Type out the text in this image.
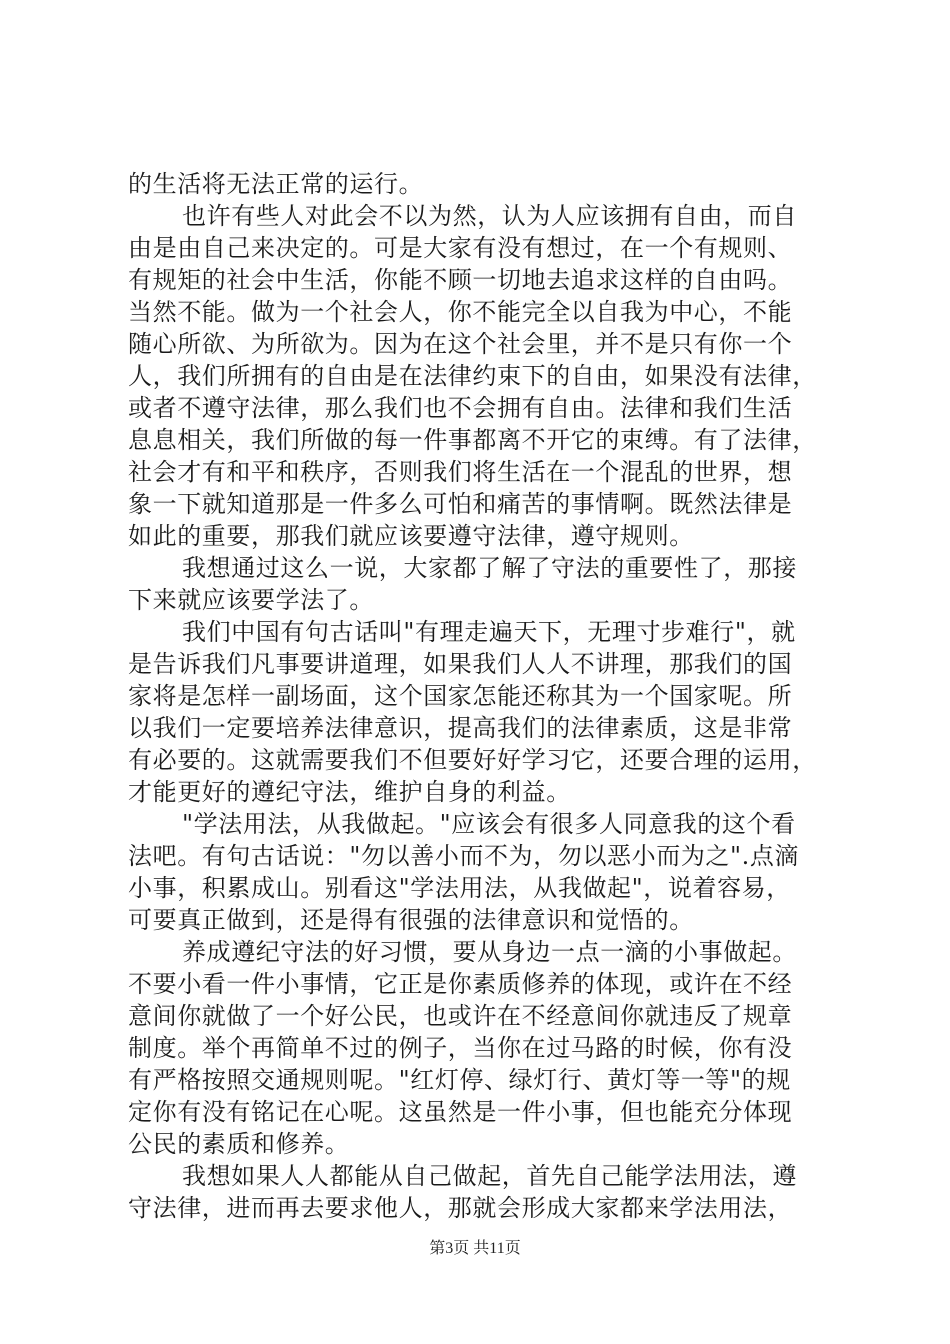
的生活将无法正常的运行。
也许有些人对此会不以为然，认为人应该拥有自由，而自
由是由自己来决定的。可是大家有没有想过，在一个有规则、
有规矩的社会中生活，你能不顾一切地去追求这样的自由吗。
当然不能。做为一个社会人，你不能完全以自我为中心，不能
随心所欲、为所欲为。因为在这个社会里，并不是只有你一个
人，我们所拥有的自由是在法律约束下的自由，如果没有法律，
或者不遵守法律，那么我们也不会拥有自由。法律和我们生活
息息相关，我们所做的每一件事都离不开它的束缚。有了法律，
社会才有和平和秩序，否则我们将生活在一个混乱的世界，想
象一下就知道那是一件多么可怕和痛苦的事情啊。既然法律是
如此的重要，那我们就应该要遵守法律，遵守规则。
我想通过这么一说，大家都了解了守法的重要性了，那接
下来就应该要学法了。
我们中国有句古话叫"有理走遍天下，无理寸步难行"，就
是告诉我们凡事要讲道理，如果我们人人不讲理，那我们的国
家将是怎样一副场面，这个国家怎能还称其为一个国家呢。所
以我们一定要培养法律意识，提高我们的法律素质，这是非常
有必要的。这就需要我们不但要好好学习它，还要合理的运用，
才能更好的遵纪守法，维护自身的利益。
"学法用法，从我做起。"应该会有很多人同意我的这个看
法吧。有句古话说："勿以善小而不为，勿以恶小而为之".点滴
小事，积累成山。别看这"学法用法，从我做起"，说着容易，
可要真正做到，还是得有很强的法律意识和觉悟的。
养成遵纪守法的好习惯，要从身边一点一滴的小事做起。
不要小看一件小事情，它正是你素质修养的体现，或许在不经
意间你就做了一个好公民，也或许在不经意间你就违反了规章
制度。举个再简单不过的例子，当你在过马路的时候，你有没
有严格按照交通规则呢。"红灯停、绿灯行、黄灯等一等"的规
定你有没有铭记在心呢。这虽然是一件小事，但也能充分体现
公民的素质和修养。
我想如果人人都能从自己做起，首先自己能学法用法，遵
守法律，进而再去要求他人，那就会形成大家都来学法用法，
第3页 共11页
